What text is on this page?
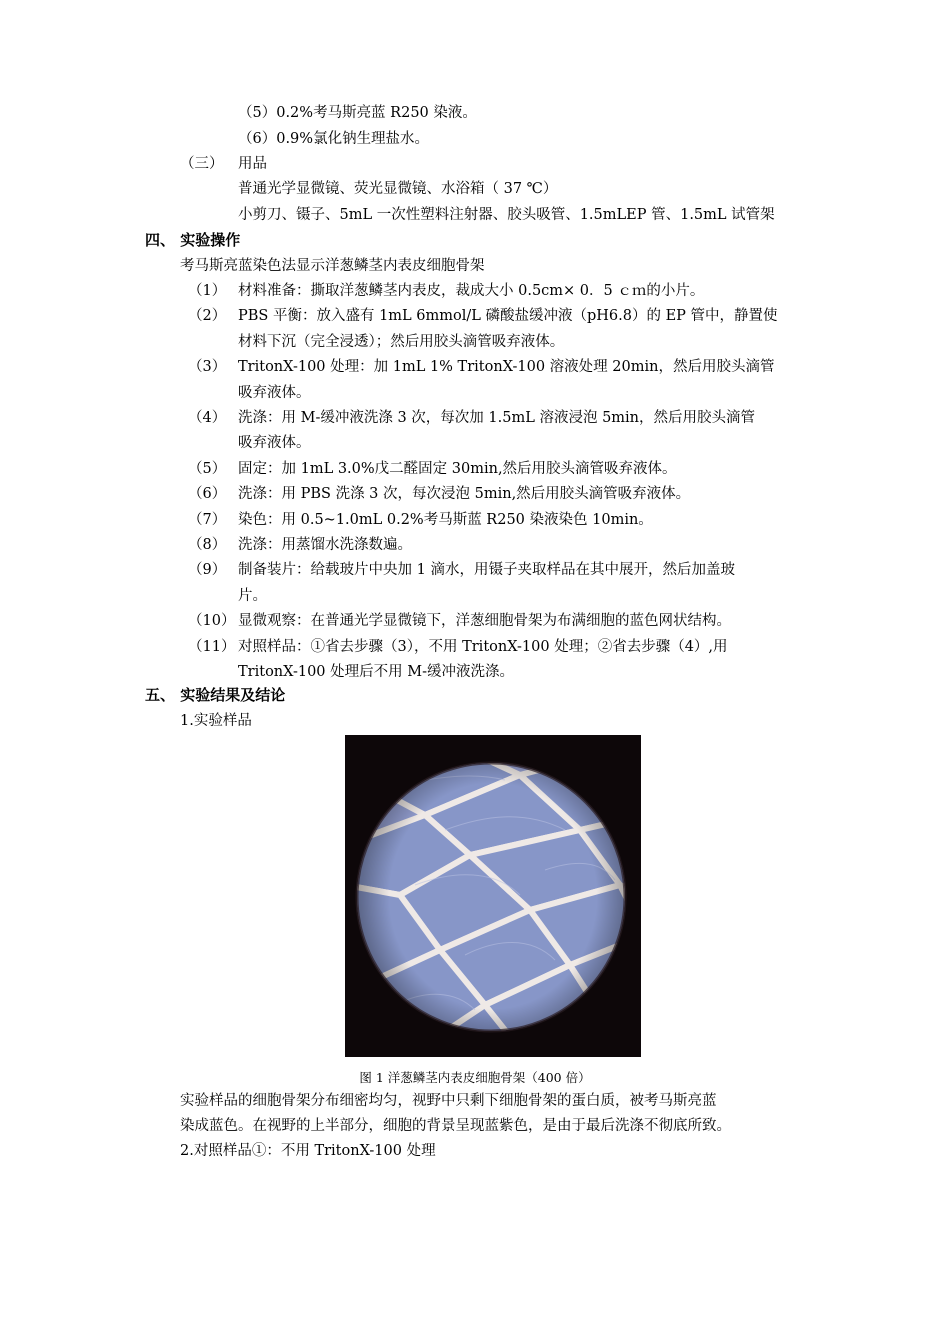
（5）0.2%考马斯亮蓝 R250 染液。
（6）0.9%氯化钠生理盐水。
（三） 用品
普通光学显微镜、荧光显微镜、水浴箱（ 37 ℃）
小剪刀、镊子、5mL 一次性塑料注射器、胶头吸管、1.5mLEP 管、1.5mL 试管架
四、 实验操作
考马斯亮蓝染色法显示洋葱鳞茎内表皮细胞骨架
（1） 材料准备：撕取洋葱鳞茎内表皮，裁成大小 0.5cm× 0．5 ｃｍ的小片。
（2） PBS 平衡：放入盛有 1mL 6mmol/L 磷酸盐缓冲液（pH6.8）的 EP 管中，静置使
材料下沉（完全浸透）；然后用胶头滴管吸弃液体。
（3） TritonX-100 处理：加 1mL 1% TritonX-100 溶液处理 20min，然后用胶头滴管
吸弃液体。
（4） 洗涤：用 M-缓冲液洗涤 3 次，每次加 1.5mL 溶液浸泡 5min，然后用胶头滴管
吸弃液体。
（5） 固定：加 1mL 3.0%戊二醛固定 30min,然后用胶头滴管吸弃液体。
（6） 洗涤：用 PBS 洗涤 3 次，每次浸泡 5min,然后用胶头滴管吸弃液体。
（7） 染色：用 0.5~1.0mL 0.2%考马斯蓝 R250 染液染色 10min。
（8） 洗涤：用蒸馏水洗涤数遍。
（9） 制备装片：给载玻片中央加 1 滴水，用镊子夹取样品在其中展开，然后加盖玻
片。
（10） 显微观察：在普通光学显微镜下，洋葱细胞骨架为布满细胞的蓝色网状结构。
（11） 对照样品：①省去步骤（3），不用 TritonX-100 处理；②省去步骤（4）,用
TritonX-100 处理后不用 M-缓冲液洗涤。
五、 实验结果及结论
1.实验样品
图 1 洋葱鳞茎内表皮细胞骨架（400 倍）
实验样品的细胞骨架分布细密均匀，视野中只剩下细胞骨架的蛋白质，被考马斯亮蓝
染成蓝色。在视野的上半部分，细胞的背景呈现蓝紫色，是由于最后洗涤不彻底所致。
2.对照样品①：不用 TritonX-100 处理
